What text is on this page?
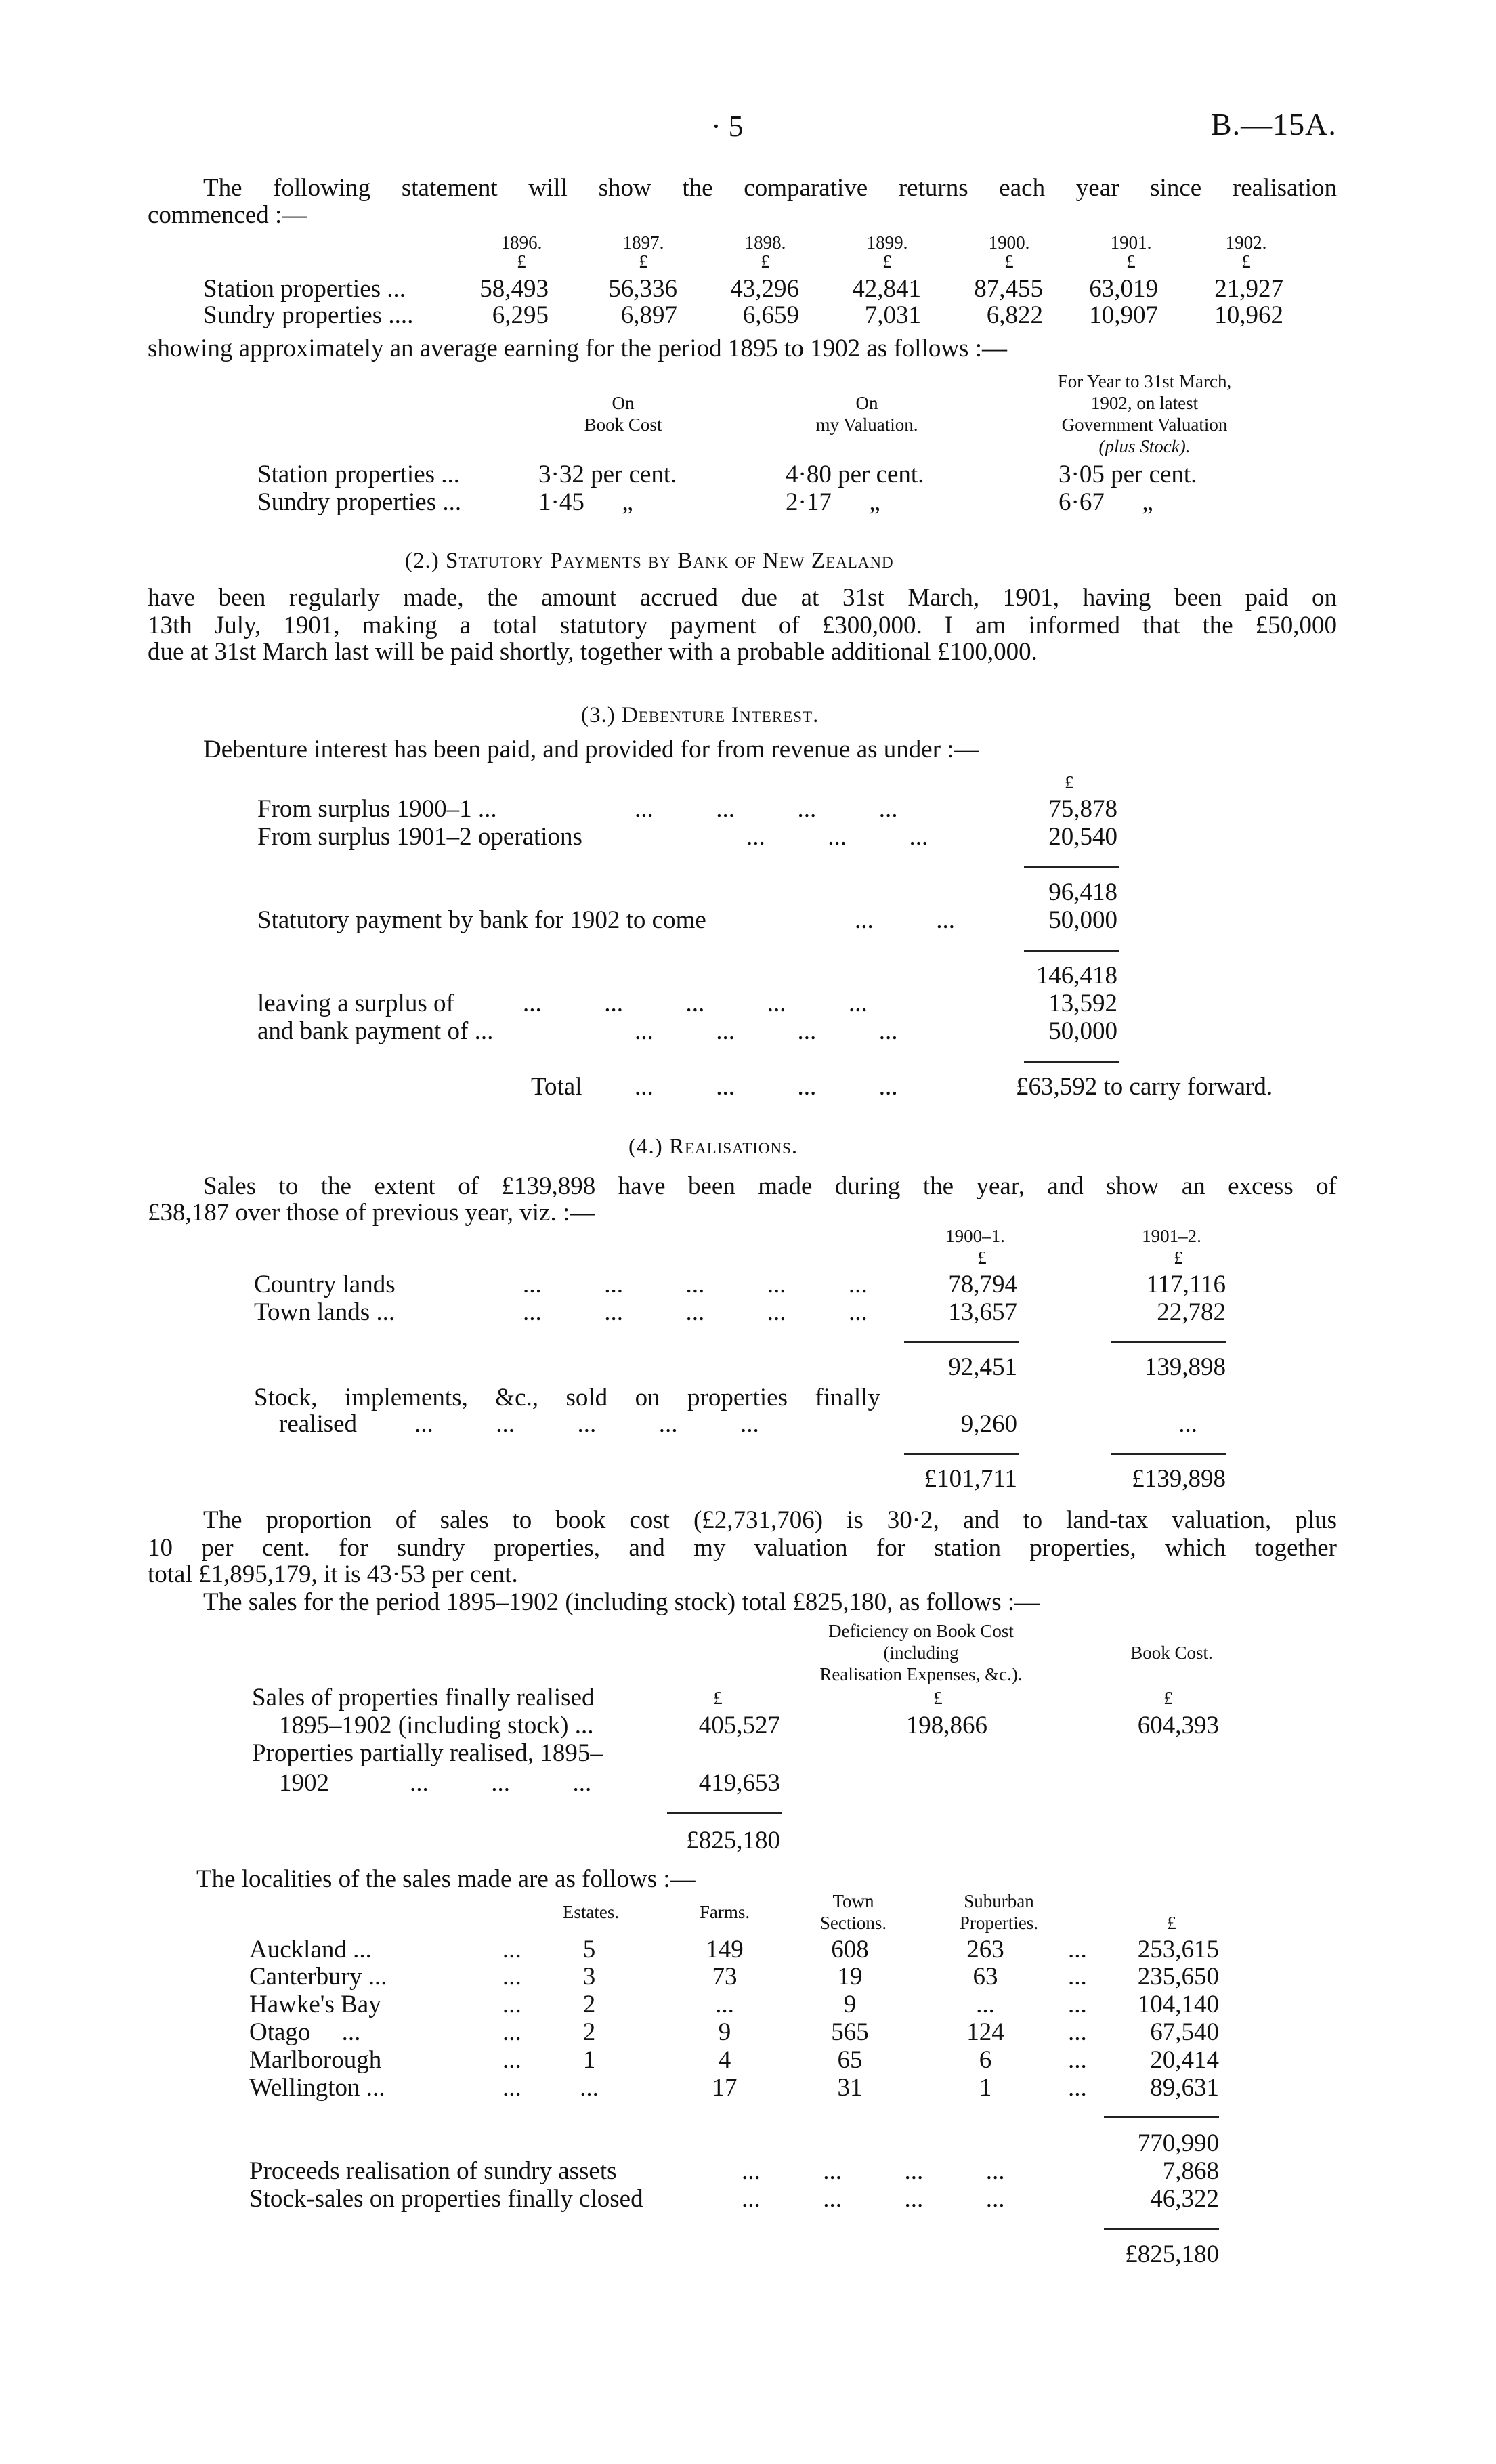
· 5	B.—15A.
The following statement will show the comparative returns each year since realisation
commenced :—
1896.	1897.	1898.	1899.	1900.	1901.	1902.
£	£	£	£	£	£	£
Station properties ...	58,493	56,336	43,296	42,841	87,455	63,019	21,927
Sundry properties ....	6,295	6,897	6,659	7,031	6,822	10,907	10,962
showing approximately an average earning for the period 1895 to 1902 as follows :—
On
Book Cost
On
my Valuation.
For Year to 31st March,
1902, on latest
Government Valuation
(plus Stock).
Station properties ...	3·32 per cent.	4·80 per cent.	3·05 per cent.
Sundry properties ...	1·45      „	2·17      „	6·67      „
(2.) Statutory Payments by Bank of New Zealand
have been regularly made, the amount accrued due at 31st March, 1901, having been paid on
13th July, 1901, making a total statutory payment of £300,000. I am informed that the £50,000
due at 31st March last will be paid shortly, together with a probable additional £100,000.
(3.) Debenture Interest.
Debenture interest has been paid, and provided for from revenue as under :—
£
From surplus 1900–1 ...	...          ...          ...          ...	75,878
From surplus 1901–2 operations	...          ...          ...	20,540
96,418
Statutory payment by bank for 1902 to come	...          ...	50,000
146,418
leaving a surplus of	...          ...          ...          ...          ...	13,592
and bank payment of ...	...          ...          ...          ...	50,000
Total ...          ...          ...          ...	£63,592 to carry forward.
(4.) Realisations.
Sales to the extent of £139,898 have been made during the year, and show an excess of
£38,187 over those of previous year, viz. :—
1900–1.	1901–2.
£	£
Country lands	...          ...          ...          ...          ...	78,794	117,116
Town lands ...	...          ...          ...          ...          ...	13,657	22,782
92,451	139,898
Stock, implements, &c., sold on properties finally
realised ...          ...          ...          ...          ...	9,260	...
£101,711	£139,898
The proportion of sales to book cost (£2,731,706) is 30·2, and to land-tax valuation, plus
10 per cent. for sundry properties, and my valuation for station properties, which together
total £1,895,179, it is 43·53 per cent.
The sales for the period 1895–1902 (including stock) total £825,180, as follows :—
Deficiency on Book Cost
(including
Realisation Expenses, &c.).
Book Cost.
£	£	£
Sales of properties finally realised
1895–1902 (including stock) ...	405,527	198,866	604,393
Properties partially realised, 1895–
1902	...          ...          ...	419,653
£825,180
The localities of the sales made are as follows :—
Estates.	Farms.
Town
Sections.
Suburban
Properties.	£
Auckland ...	...	5	149	608	263	...	253,615
Canterbury ...	...	3	73	19	63	...	235,650
Hawke's Bay	...	2	...	9	...	...	104,140
Otago     ...	...	2	9	565	124	...	67,540
Marlborough	...	1	4	65	6	...	20,414
Wellington ...	...	...	17	31	1	...	89,631
770,990
Proceeds realisation of sundry assets	...          ...          ...          ...	7,868
Stock-sales on properties finally closed	...          ...          ...          ...	46,322
£825,180
